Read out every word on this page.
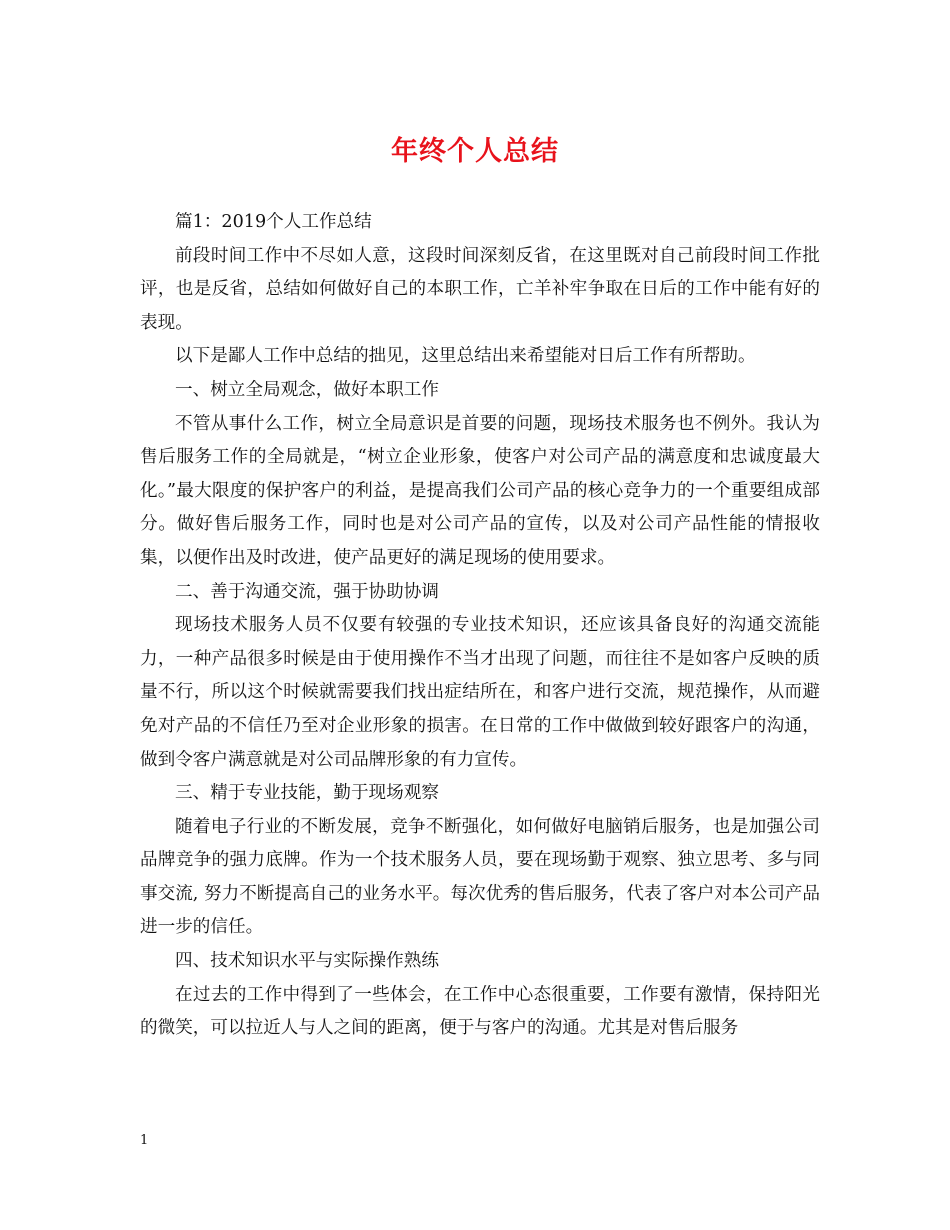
年终个人总结

篇1：2019个人工作总结

前段时间工作中不尽如人意，这段时间深刻反省，在这里既对自己前段时间工作批评，也是反省，总结如何做好自己的本职工作，亡羊补牢争取在日后的工作中能有好的表现。

以下是鄙人工作中总结的拙见，这里总结出来希望能对日后工作有所帮助。

一、树立全局观念，做好本职工作

不管从事什么工作，树立全局意识是首要的问题，现场技术服务也不例外。我认为售后服务工作的全局就是，“树立企业形象，使客户对公司产品的满意度和忠诚度最大化。”最大限度的保护客户的利益，是提高我们公司产品的核心竞争力的一个重要组成部分。做好售后服务工作，同时也是对公司产品的宣传，以及对公司产品性能的情报收集，以便作出及时改进，使产品更好的满足现场的使用要求。

二、善于沟通交流，强于协助协调

现场技术服务人员不仅要有较强的专业技术知识，还应该具备良好的沟通交流能力，一种产品很多时候是由于使用操作不当才出现了问题，而往往不是如客户反映的质量不行，所以这个时候就需要我们找出症结所在，和客户进行交流，规范操作，从而避免对产品的不信任乃至对企业形象的损害。在日常的工作中做做到较好跟客户的沟通，做到令客户满意就是对公司品牌形象的有力宣传。

三、精于专业技能，勤于现场观察

随着电子行业的不断发展，竞争不断强化，如何做好电脑销后服务，也是加强公司品牌竞争的强力底牌。作为一个技术服务人员，要在现场勤于观察、独立思考、多与同事交流, 努力不断提高自己的业务水平。每次优秀的售后服务，代表了客户对本公司产品进一步的信任。

四、技术知识水平与实际操作熟练

在过去的工作中得到了一些体会，在工作中心态很重要，工作要有激情，保持阳光的微笑，可以拉近人与人之间的距离，便于与客户的沟通。尤其是对售后服务

1
